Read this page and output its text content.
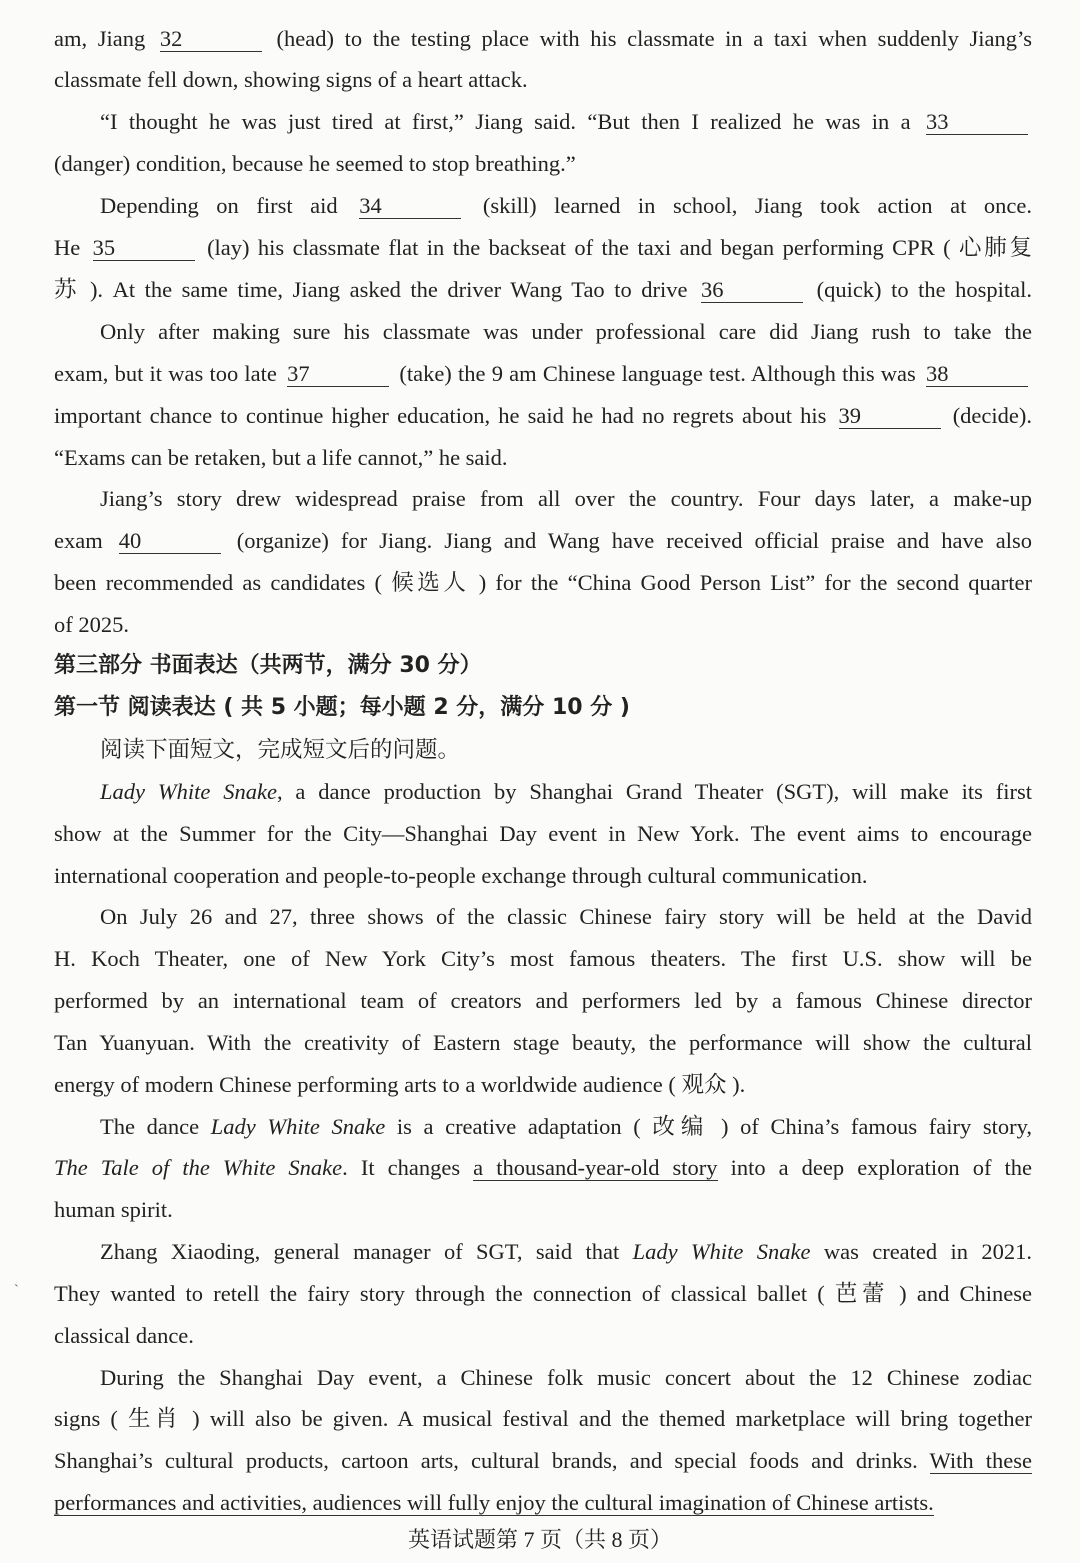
am, Jiang 32	(head) to the testing place with his classmate in a taxi when suddenly Jiang’s
classmate fell down, showing signs of a heart attack.
“I thought he was just tired at first,” Jiang said. “But then I realized he was in a 33
(danger) condition, because he seemed to stop breathing.”
Depending on first aid 34	(skill) learned in school, Jiang took action at once.
He 35	(lay) his classmate flat in the backseat of the taxi and began performing CPR ( 心肺复
苏 ). At the same time, Jiang asked the driver Wang Tao to drive 36	(quick) to the hospital.
Only after making sure his classmate was under professional care did Jiang rush to take the
exam, but it was too late 37	(take) the 9 am Chinese language test. Although this was 38
important chance to continue higher education, he said he had no regrets about his 39	(decide).
“Exams can be retaken, but a life cannot,” he said.
Jiang’s story drew widespread praise from all over the country. Four days later, a make-up
exam 40	(organize) for Jiang. Jiang and Wang have received official praise and have also
been recommended as candidates ( 候选人 ) for the “China Good Person List” for the second quarter
of 2025.
第三部分 书面表达（共两节，满分 30 分）
第一节 阅读表达 ( 共 5 小题；每小题 2 分，满分 10 分 )
阅读下面短文，完成短文后的问题。
Lady White Snake, a dance production by Shanghai Grand Theater (SGT), will make its first
show at the Summer for the City—Shanghai Day event in New York. The event aims to encourage
international cooperation and people-to-people exchange through cultural communication.
On July 26 and 27, three shows of the classic Chinese fairy story will be held at the David
H. Koch Theater, one of New York City’s most famous theaters. The first U.S. show will be
performed by an international team of creators and performers led by a famous Chinese director
Tan Yuanyuan. With the creativity of Eastern stage beauty, the performance will show the cultural
energy of modern Chinese performing arts to a worldwide audience ( 观众 ).
The dance Lady White Snake is a creative adaptation ( 改编 ) of China’s famous fairy story,
The Tale of the White Snake. It changes a thousand-year-old story into a deep exploration of the
human spirit.
Zhang Xiaoding, general manager of SGT, said that Lady White Snake was created in 2021.
They wanted to retell the fairy story through the connection of classical ballet ( 芭蕾 ) and Chinese
classical dance.
During the Shanghai Day event, a Chinese folk music concert about the 12 Chinese zodiac
signs ( 生肖 ) will also be given. A musical festival and the themed marketplace will bring together
Shanghai’s cultural products, cartoon arts, cultural brands, and special foods and drinks. With these
performances and activities, audiences will fully enjoy the cultural imagination of Chinese artists.
英语试题第 7 页（共 8 页）
`
